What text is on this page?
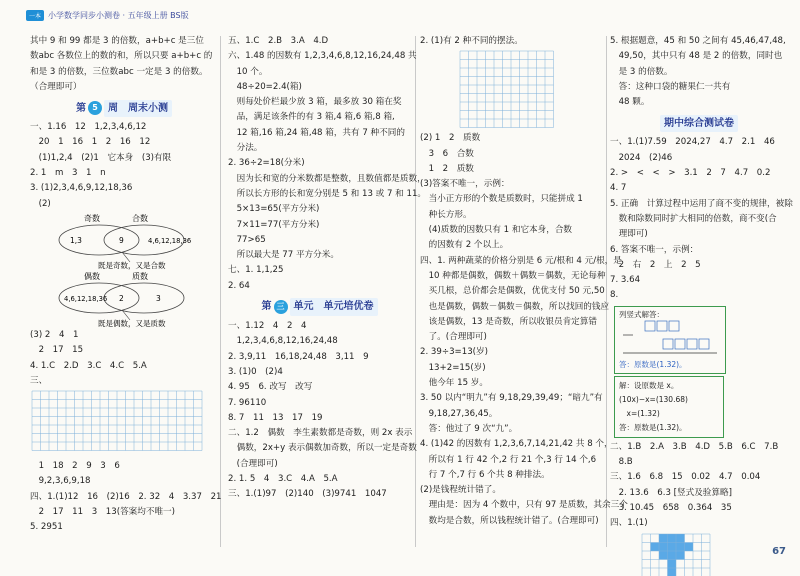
一本 小学数学同步小测卷 · 五年级上册 BS版
其中 9 和 99 都是 3 的倍数，a+b+c 是三位
数abc 各数位上的数的和，所以只要 a+b+c 的
和是 3 的倍数，三位数abc 一定是 3 的倍数。
（合理即可）
第 5	周　周末小测
一、1.16　12　1,2,3,4,6,12
　20　1　16　1　2　16　12
　(1)1,2,4　(2)1　它本身　(3)有限
2. 1　m　3　1　n
3. (1)2,3,4,6,9,12,18,36
　(2)
奇数	合数
1,3	9	4,6,12,18,36
既是奇数，又是合数
偶数	质数
4,6,12,18,36 2	3
既是偶数，又是质数
(3) 2　4　1
　2　17　15
4. 1.C　2.D　3.C　4.C　5.A
三、
　1　18　2　9　3　6
　9,2,3,6,9,18
四、1.(1)12　16　(2)16　2. 32　4　3.37　21
　2　17　11　3　13(答案均不唯一)
5. 2951
五、1.C　2.B　3.A　4.D
六、1.48 的因数有 1,2,3,4,6,8,12,16,24,48 共
　10 个。
　48÷20=2.4(箱)
　则每处价栏最少放 3 箱，最多放 30 箱在奖
　品，满足该条件的有 3 箱,4 箱,6 箱,8 箱,
　12 箱,16 箱,24 箱,48 箱，共有 7 种不同的
　分法。
2. 36÷2=18(分米)
　因为长和宽的分米数都是整数，且数值都是质数，
　所以长方形的长和宽分别是 5 和 13 或 7 和 11。
　5×13=65(平方分米)
　7×11=77(平方分米)
　77>65
　所以最大是 77 平方分米。
七、1. 1,1,25
2. 64
第 三 单元　单元培优卷
一、1.12　4　2　4
　1,2,3,4,6,8,12,16,24,48
2. 3,9,11　16,18,24,48　3,11　9
3. (1)0　(2)4
4. 95　6. 改写　改写
7. 96110
8. 7　11　13　17　19
二、1.2　偶数　李生素数都是奇数，则 2x 表示
　偶数，2x+y 表示偶数加奇数，所以一定是奇数
　(合理即可)
2. 1. 5　4　3.C　4.A　5.A
三、1.(1)97　(2)140　(3)9741　1047
2. (1)有 2 种不同的摆法。
(2) 1　2　质数
　3　6　合数
　1　2　质数
(3)答案不唯一，示例：
　当小正方形的个数是质数时，只能拼成 1
　种长方形。
　(4)质数的因数只有 1 和它本身，合数
　的因数有 2 个以上。
四、1. 两种蔬菜的价格分别是 6 元/根和 4 元/根，是
　10 种都是偶数，偶数＋偶数＝偶数，无论每种
　买几根，总价都会是偶数，优优支付 50 元,50
　也是偶数，偶数－偶数＝偶数，所以找回的钱应
　该是偶数，13 是奇数，所以收银员肯定算错
　了。(合理即可)
2. 39÷3=13(岁)
　13+2=15(岁)
　他今年 15 岁。
3. 50 以内“明九”有 9,18,29,39,49；“暗九”有
　9,18,27,36,45。
　答：他过了 9 次“九”。
4. (1)42 的因数有 1,2,3,6,7,14,21,42 共 8 个，
　所以有 1 行 42 个,2 行 21 个,3 行 14 个,6
　行 7 个,7 行 6 个共 8 种排法。
(2)是钱程统计错了。
　理由是：因为 4 个数中，只有 97 是质数，其余三个
　数均是合数，所以钱程统计错了。(合理即可)
5. 根据题意，45 和 50 之间有 45,46,47,48,
　49,50，其中只有 48 是 2 的倍数，同时也
　是 3 的倍数。
　答：这种口袋的糖果仁一共有
　48 颗。
期中综合测试卷
一、1.(1)7.59　2024,27　4.7　2.1　46
　2024　(2)46
2. >　<　<　>　3.1　2　7　4.7　0.2
4. 7
5. 正确　计算过程中运用了商不变的规律，被除
　数和除数同时扩大相同的倍数，商不变(合
　理即可)
6. 答案不唯一，示例：
　2　右　2　上　2　5
7. 3.64
8.
列竖式解答：
答：原数是(1.32)。
解：设原数是 x。
(10x)−x=(130.68)
　x=(1.32)
答：原数是(1.32)。
二、1.B　2.A　3.B　4.D　5.B　6.C　7.B
　8.B
三、1.6　6.8　15　0.02　4.7　0.04
　2. 13.6　6.3 [竖式及验算略]
　3. 10.45　658　0.364　35
四、1.(1)
67
